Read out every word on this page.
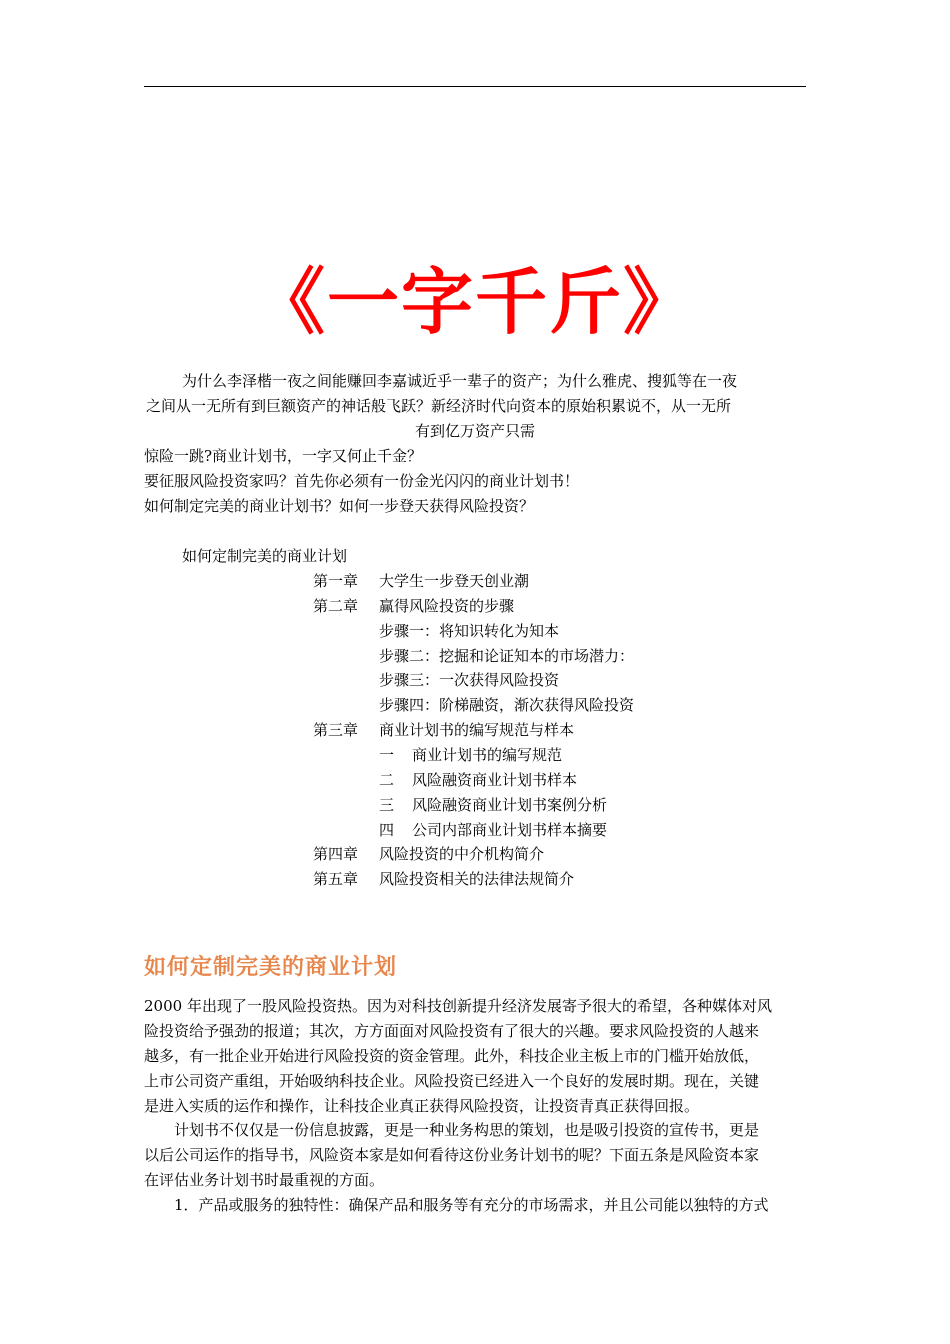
《一字千斤》
为什么李泽楷一夜之间能赚回李嘉诚近乎一辈子的资产；为什么雅虎、搜狐等在一夜
之间从一无所有到巨额资产的神话般飞跃？新经济时代向资本的原始积累说不，从一无所
有到亿万资产只需
惊险一跳?商业计划书，一字又何止千金？
要征服风险投资家吗？首先你必须有一份金光闪闪的商业计划书！
如何制定完美的商业计划书？如何一步登天获得风险投资？
如何定制完美的商业计划
第一章 大学生一步登天创业潮
第二章 赢得风险投资的步骤
步骤一：将知识转化为知本
步骤二：挖掘和论证知本的市场潜力：
步骤三：一次获得风险投资
步骤四：阶梯融资，渐次获得风险投资
第三章 商业计划书的编写规范与样本
一 商业计划书的编写规范
二 风险融资商业计划书样本
三 风险融资商业计划书案例分析
四 公司内部商业计划书样本摘要
第四章 风险投资的中介机构简介
第五章 风险投资相关的法律法规简介
如何定制完美的商业计划
2000 年出现了一股风险投资热。因为对科技创新提升经济发展寄予很大的希望，各种媒体对风
险投资给予强劲的报道；其次，方方面面对风险投资有了很大的兴趣。要求风险投资的人越来
越多，有一批企业开始进行风险投资的资金管理。此外，科技企业主板上市的门槛开始放低，
上市公司资产重组，开始吸纳科技企业。风险投资已经进入一个良好的发展时期。现在，关键
是进入实质的运作和操作，让科技企业真正获得风险投资，让投资青真正获得回报。
计划书不仅仅是一份信息披露，更是一种业务构思的策划，也是吸引投资的宣传书，更是
以后公司运作的指导书，风险资本家是如何看待这份业务计划书的呢？下面五条是风险资本家
在评估业务计划书时最重视的方面。
1．产品或服务的独特性：确保产品和服务等有充分的市场需求，并且公司能以独特的方式
